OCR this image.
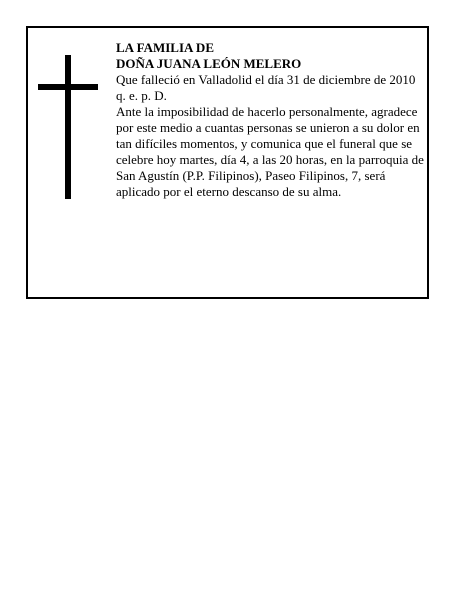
LA FAMILIA DE
DOÑA JUANA LEÓN MELERO
Que falleció en Valladolid el día 31 de diciembre de 2010
q. e. p. D.
Ante la imposibilidad de hacerlo personalmente, agradece por este medio a cuantas personas se unieron a su dolor en tan difíciles momentos, y comunica que el funeral que se celebre hoy martes, día 4, a las 20 horas, en la parroquia de San Agustín (P.P. Filipinos), Paseo Filipinos, 7, será aplicado por el eterno descanso de su alma.
